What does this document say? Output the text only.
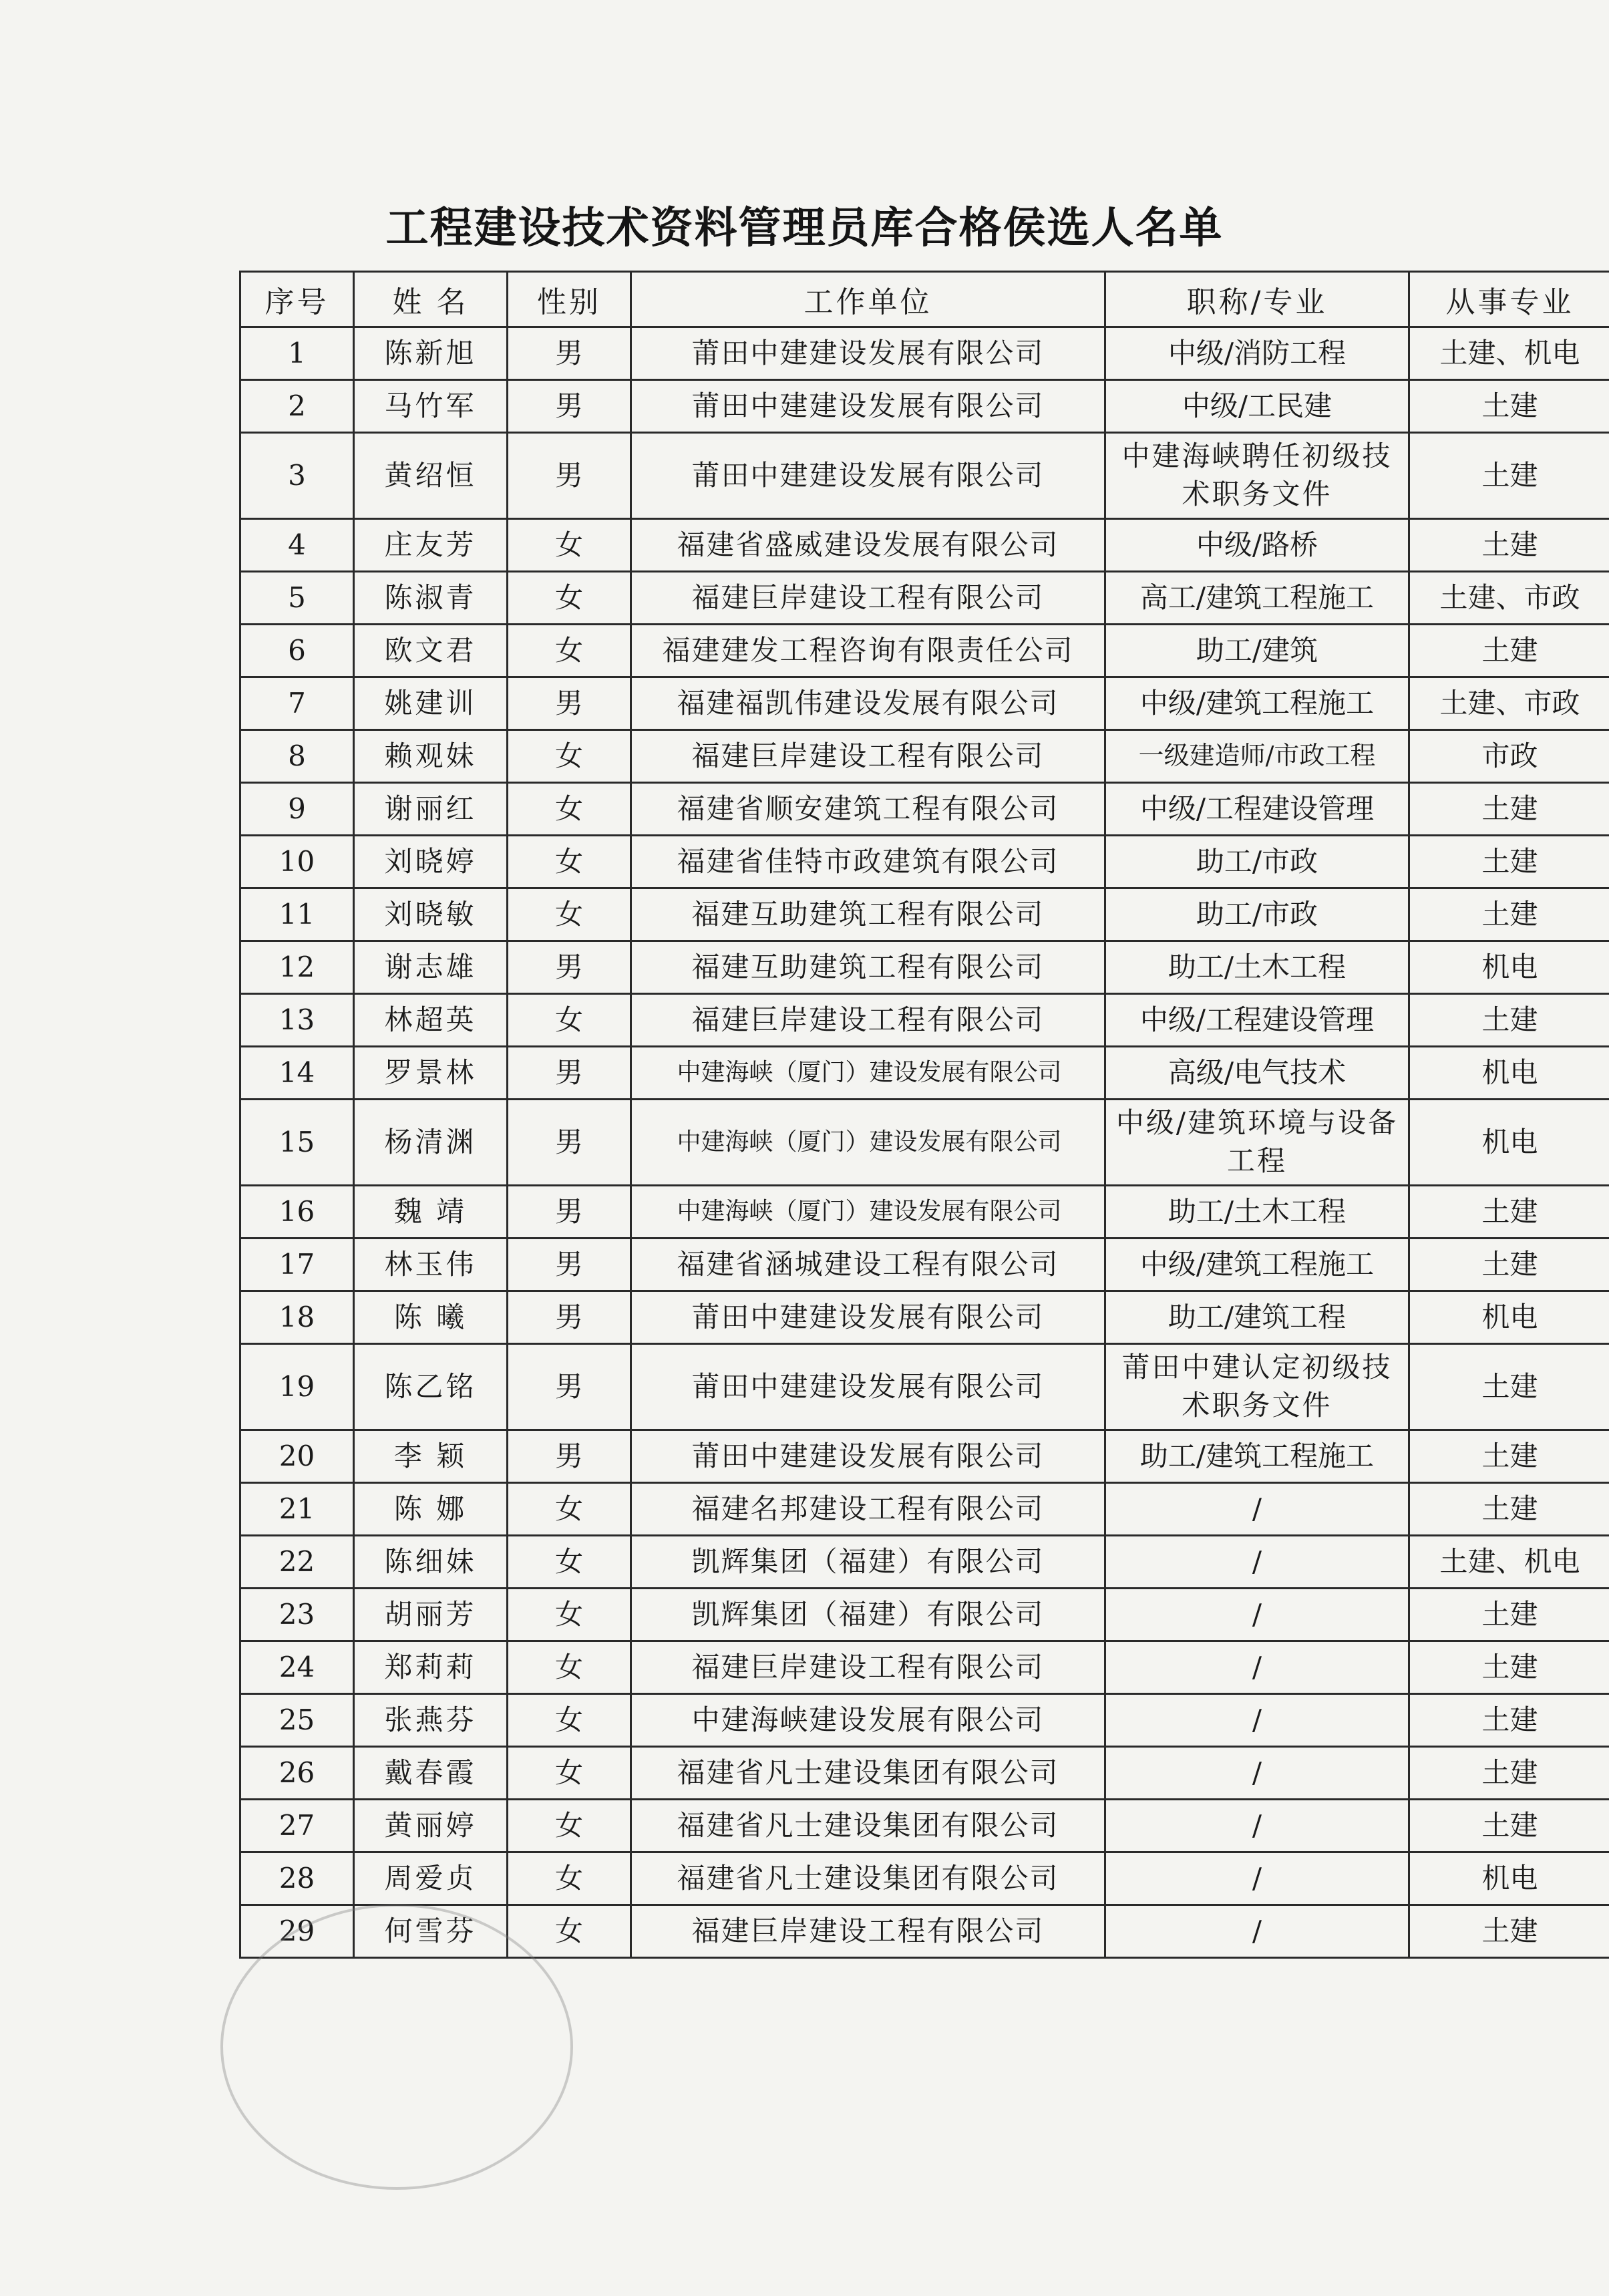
工程建设技术资料管理员库合格侯选人名单
序号	姓 名	性别	工作单位	职称/专业	从事专业
1	陈新旭	男	莆田中建建设发展有限公司	中级/消防工程	土建、机电
2	马竹军	男	莆田中建建设发展有限公司	中级/工民建	土建
3	黄绍恒	男	莆田中建建设发展有限公司	中建海峡聘任初级技术职务文件	土建
4	庄友芳	女	福建省盛威建设发展有限公司	中级/路桥	土建
5	陈淑青	女	福建巨岸建设工程有限公司	高工/建筑工程施工	土建、市政
6	欧文君	女	福建建发工程咨询有限责任公司	助工/建筑	土建
7	姚建训	男	福建福凯伟建设发展有限公司	中级/建筑工程施工	土建、市政
8	赖观妹	女	福建巨岸建设工程有限公司	一级建造师/市政工程	市政
9	谢丽红	女	福建省顺安建筑工程有限公司	中级/工程建设管理	土建
10	刘晓婷	女	福建省佳特市政建筑有限公司	助工/市政	土建
11	刘晓敏	女	福建互助建筑工程有限公司	助工/市政	土建
12	谢志雄	男	福建互助建筑工程有限公司	助工/土木工程	机电
13	林超英	女	福建巨岸建设工程有限公司	中级/工程建设管理	土建
14	罗景林	男	中建海峡（厦门）建设发展有限公司	高级/电气技术	机电
15	杨清渊	男	中建海峡（厦门）建设发展有限公司	中级/建筑环境与设备工程	机电
16	魏 靖	男	中建海峡（厦门）建设发展有限公司	助工/土木工程	土建
17	林玉伟	男	福建省涵城建设工程有限公司	中级/建筑工程施工	土建
18	陈 曦	男	莆田中建建设发展有限公司	助工/建筑工程	机电
19	陈乙铭	男	莆田中建建设发展有限公司	莆田中建认定初级技术职务文件	土建
20	李 颖	男	莆田中建建设发展有限公司	助工/建筑工程施工	土建
21	陈 娜	女	福建名邦建设工程有限公司	/	土建
22	陈细妹	女	凯辉集团（福建）有限公司	/	土建、机电
23	胡丽芳	女	凯辉集团（福建）有限公司	/	土建
24	郑莉莉	女	福建巨岸建设工程有限公司	/	土建
25	张燕芬	女	中建海峡建设发展有限公司	/	土建
26	戴春霞	女	福建省凡士建设集团有限公司	/	土建
27	黄丽婷	女	福建省凡士建设集团有限公司	/	土建
28	周爱贞	女	福建省凡士建设集团有限公司	/	机电
29	何雪芬	女	福建巨岸建设工程有限公司	/	土建
